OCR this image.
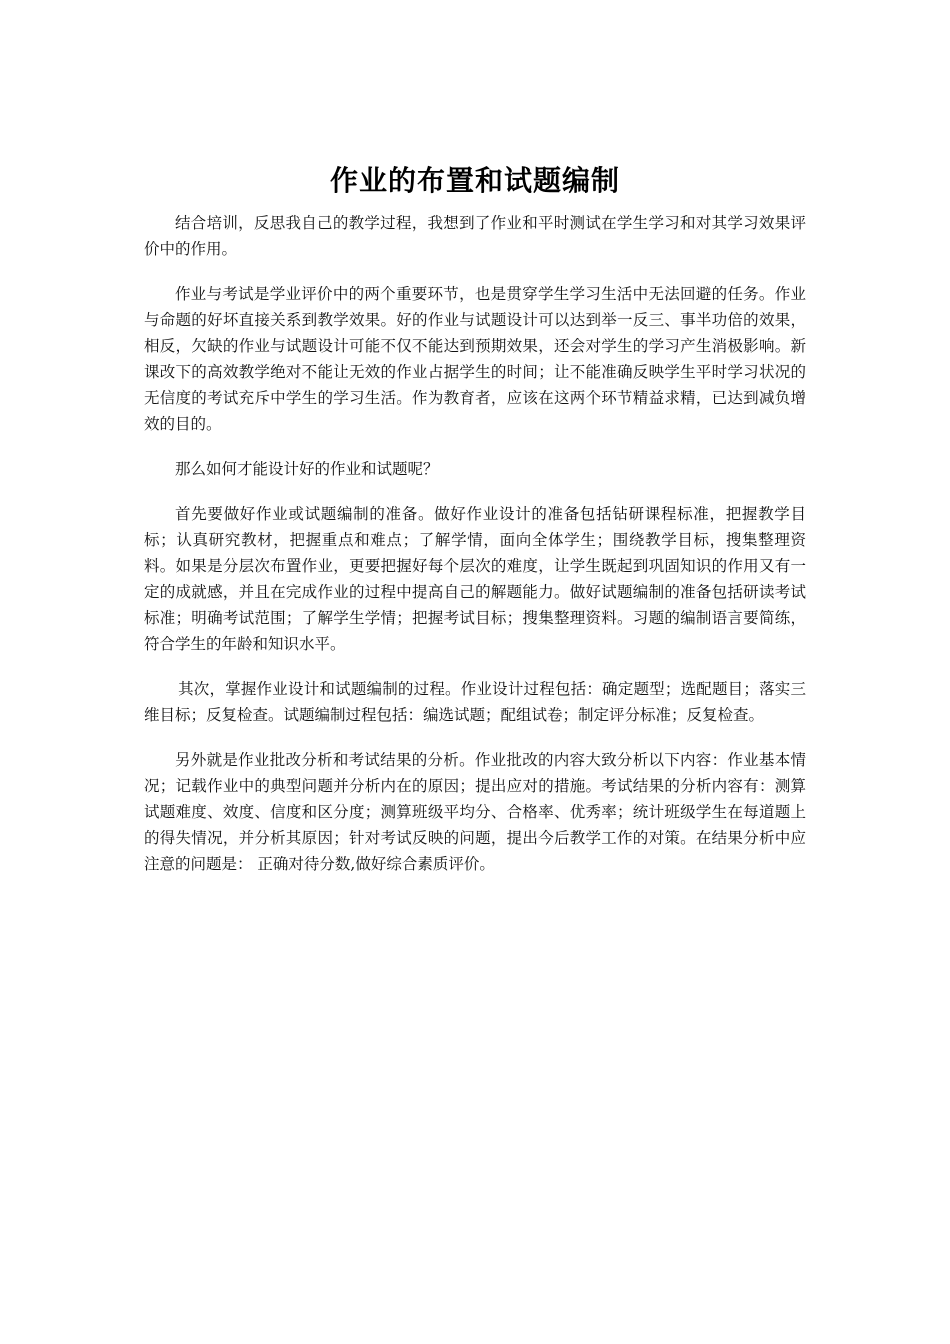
作业的布置和试题编制

结合培训，反思我自己的教学过程，我想到了作业和平时测试在学生学习和对其学习效果评价中的作用。

作业与考试是学业评价中的两个重要环节，也是贯穿学生学习生活中无法回避的任务。作业与命题的好坏直接关系到教学效果。好的作业与试题设计可以达到举一反三、事半功倍的效果，相反，欠缺的作业与试题设计可能不仅不能达到预期效果，还会对学生的学习产生消极影响。新课改下的高效教学绝对不能让无效的作业占据学生的时间；让不能准确反映学生平时学习状况的无信度的考试充斥中学生的学习生活。作为教育者，应该在这两个环节精益求精，已达到减负增效的目的。

那么如何才能设计好的作业和试题呢？

首先要做好作业或试题编制的准备。做好作业设计的准备包括钻研课程标准，把握教学目标；认真研究教材，把握重点和难点；了解学情，面向全体学生；围绕教学目标，搜集整理资料。如果是分层次布置作业，更要把握好每个层次的难度，让学生既起到巩固知识的作用又有一定的成就感，并且在完成作业的过程中提高自己的解题能力。做好试题编制的准备包括研读考试标准；明确考试范围；了解学生学情；把握考试目标；搜集整理资料。习题的编制语言要简练，符合学生的年龄和知识水平。

其次，掌握作业设计和试题编制的过程。作业设计过程包括：确定题型；选配题目；落实三维目标；反复检查。试题编制过程包括：编选试题；配组试卷；制定评分标准；反复检查。

另外就是作业批改分析和考试结果的分析。作业批改的内容大致分析以下内容：作业基本情况；记载作业中的典型问题并分析内在的原因；提出应对的措施。考试结果的分析内容有：测算试题难度、效度、信度和区分度；测算班级平均分、合格率、优秀率；统计班级学生在每道题上的得失情况，并分析其原因；针对考试反映的问题，提出今后教学工作的对策。在结果分析中应注意的问题是： 正确对待分数,做好综合素质评价。
